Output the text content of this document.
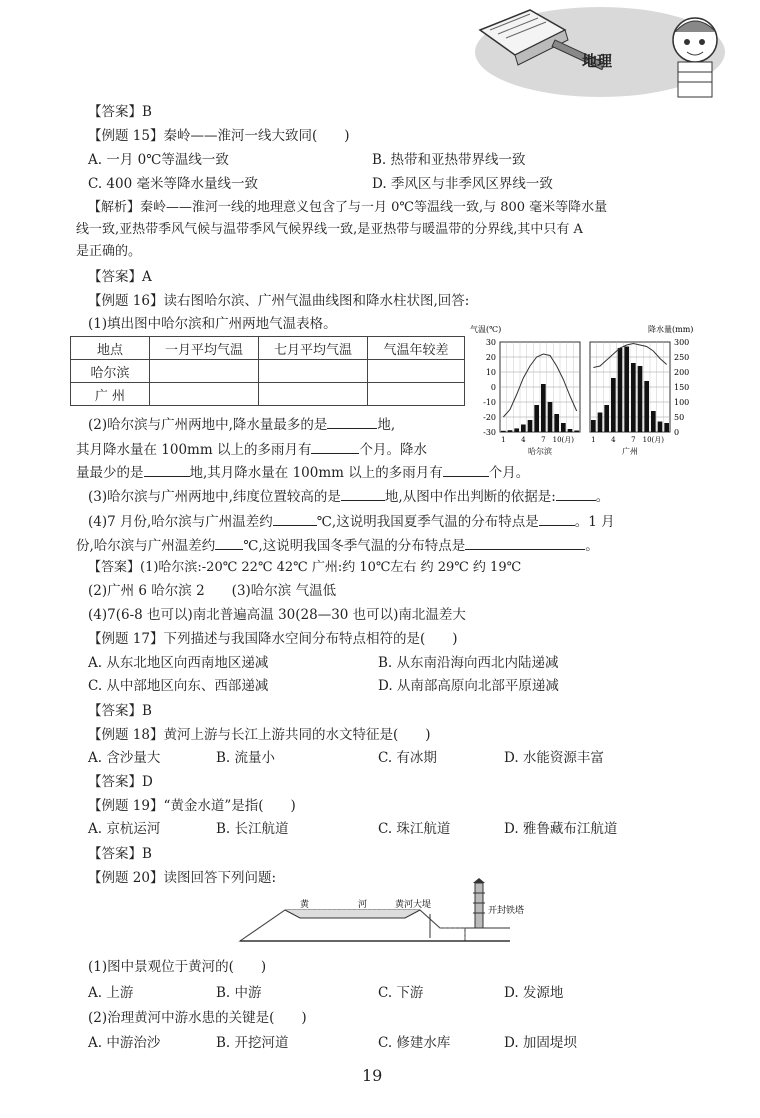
地理
【答案】B
【例题 15】秦岭——淮河一线大致同(　　)
A. 一月 0℃等温线一致	B. 热带和亚热带界线一致
C. 400 毫米等降水量线一致	D. 季风区与非季风区界线一致
【解析】秦岭——淮河一线的地理意义包含了与一月 0℃等温线一致,与 800 毫米等降水量
线一致,亚热带季风气候与温带季风气候界线一致,是亚热带与暖温带的分界线,其中只有 A
是正确的。
【答案】A
【例题 16】读右图哈尔滨、广州气温曲线图和降水柱状图,回答:
(1)填出图中哈尔滨和广州两地气温表格。
地点	一月平均气温	七月平均气温	气温年较差
哈尔滨			
广 州			
气温(℃)	降水量(mm)
30
20
10
0
-10
-20
-30
300
250
200
150
100
50
0
1 4 7 10(月)
哈尔滨
1 4 7 10(月)
广州
(2)哈尔滨与广州两地中,降水量最多的是	地,
其月降水量在 100mm 以上的多雨月有	个月。降水
量最少的是	地,其月降水量在 100mm 以上的多雨月有	个月。
(3)哈尔滨与广州两地中,纬度位置较高的是	地,从图中作出判断的依据是:	。
(4)7 月份,哈尔滨与广州温差约	℃,这说明我国夏季气温的分布特点是	。1 月
份,哈尔滨与广州温差约 ℃,这说明我国冬季气温的分布特点是	。
【答案】(1)哈尔滨:-20℃ 22℃ 42℃ 广州:约 10℃左右 约 29℃ 约 19℃
(2)广州 6 哈尔滨 2　　(3)哈尔滨 气温低
(4)7(6-8 也可以)南北普遍高温 30(28—30 也可以)南北温差大
【例题 17】下列描述与我国降水空间分布特点相符的是(　　)
A. 从东北地区向西南地区递减	B. 从东南沿海向西北内陆递减
C. 从中部地区向东、西部递减	D. 从南部高原向北部平原递减
【答案】B
【例题 18】黄河上游与长江上游共同的水文特征是(　　)
A. 含沙量大	B. 流量小	C. 有冰期	D. 水能资源丰富
【答案】D
【例题 19】“黄金水道”是指(　　)
A. 京杭运河	B. 长江航道	C. 珠江航道	D. 雅鲁藏布江航道
【答案】B
【例题 20】读图回答下列问题:
黄	河	黄河大堤
开封铁塔
(1)图中景观位于黄河的(　　)
A. 上游	B. 中游	C. 下游	D. 发源地
(2)治理黄河中游水患的关键是(　　)
A. 中游治沙	B. 开挖河道	C. 修建水库	D. 加固堤坝
19
